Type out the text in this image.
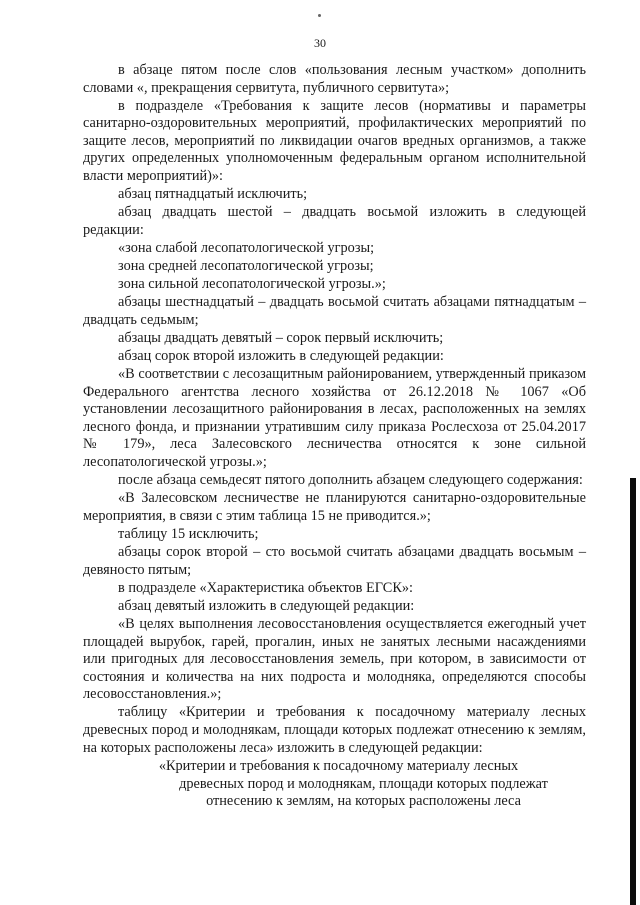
30

в абзаце пятом после слов «пользования лесным участком» дополнить словами «, прекращения сервитута, публичного сервитута»;

в подразделе «Требования к защите лесов (нормативы и параметры санитарно-оздоровительных мероприятий, профилактических мероприятий по защите лесов, мероприятий по ликвидации очагов вредных организмов, а также других определенных уполномоченным федеральным органом исполнительной власти мероприятий)»:

абзац пятнадцатый исключить;

абзац двадцать шестой – двадцать восьмой изложить в следующей редакции:

«зона слабой лесопатологической угрозы;

зона средней лесопатологической угрозы;

зона сильной лесопатологической угрозы.»;

абзацы шестнадцатый – двадцать восьмой считать абзацами пятнадцатым – двадцать седьмым;

абзацы двадцать девятый – сорок первый исключить;

абзац сорок второй изложить в следующей редакции:

«В соответствии с лесозащитным районированием, утвержденный приказом Федерального агентства лесного хозяйства от 26.12.2018 № 1067 «Об установлении лесозащитного районирования в лесах, расположенных на землях лесного фонда, и признании утратившим силу приказа Рослесхоза от 25.04.2017 № 179», леса Залесовского лесничества относятся к зоне сильной лесопатологической угрозы.»;

после абзаца семьдесят пятого дополнить абзацем следующего содержания:

«В Залесовском лесничестве не планируются санитарно-оздоровительные мероприятия, в связи с этим таблица 15 не приводится.»;

таблицу 15 исключить;

абзацы сорок второй – сто восьмой считать абзацами двадцать восьмым – девяносто пятым;

в подразделе «Характеристика объектов ЕГСК»:

абзац девятый изложить в следующей редакции:

«В целях выполнения лесовосстановления осуществляется ежегодный учет площадей вырубок, гарей, прогалин, иных не занятых лесными насаждениями или пригодных для лесовосстановления земель, при котором, в зависимости от состояния и количества на них подроста и молодняка, определяются способы лесовосстановления.»;

таблицу «Критерии и требования к посадочному материалу лесных древесных пород и молоднякам, площади которых подлежат отнесению к землям, на которых расположены леса» изложить в следующей редакции:

«Критерии и требования к посадочному материалу лесных
древесных пород и молоднякам, площади которых подлежат
отнесению к землям, на которых расположены леса
